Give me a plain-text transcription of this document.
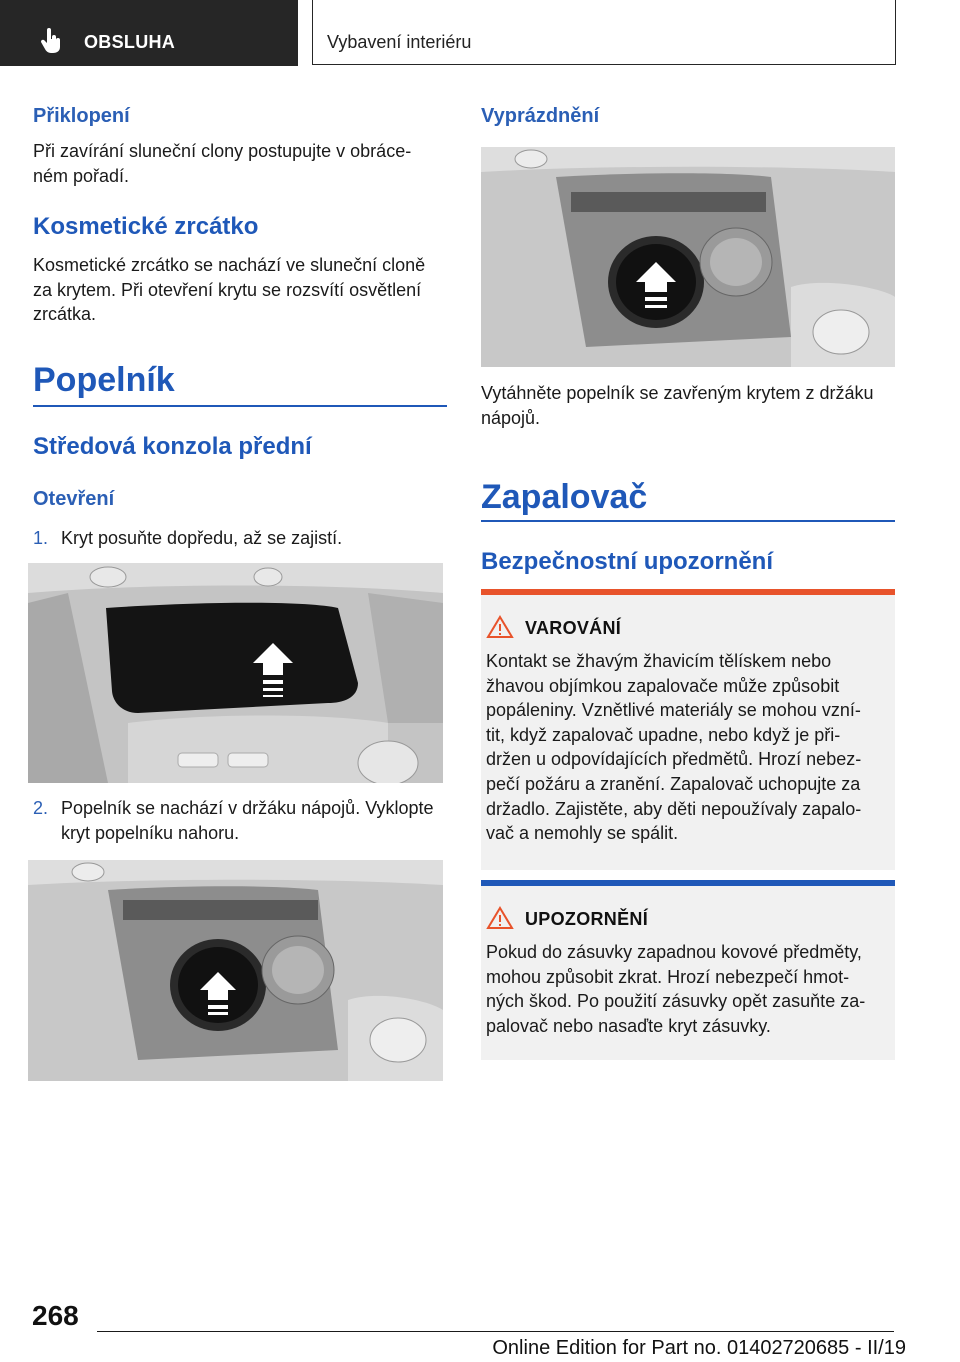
OBSLUHA	Vybavení interiéru
Přiklopení
Při zavírání sluneční clony postupujte v obráce‐
ném pořadí.
Kosmetické zrcátko
Kosmetické zrcátko se nachází ve sluneční cloně
za krytem. Při otevření krytu se rozsvítí osvětlení
zrcátka.
Popelník
Středová konzola přední
Otevření
1. Kryt posuňte dopředu, až se zajistí.
2. Popelník se nachází v držáku nápojů. Vyklopte
kryt popelníku nahoru.
Vyprázdnění
Vytáhněte popelník se zavřeným krytem z držáku
nápojů.
Zapalovač
Bezpečnostní upozornění
VAROVÁNÍ
Kontakt se žhavým žhavicím tělískem nebo
žhavou objímkou zapalovače může způsobit
popáleniny. Vznětlivé materiály se mohou vzní‐
tit, když zapalovač upadne, nebo když je při‐
držen u odpovídajících předmětů. Hrozí nebez‐
pečí požáru a zranění. Zapalovač uchopujte za
držadlo. Zajistěte, aby děti nepoužívaly zapalo‐
vač a nemohly se spálit.
UPOZORNĚNÍ
Pokud do zásuvky zapadnou kovové předměty,
mohou způsobit zkrat. Hrozí nebezpečí hmot‐
ných škod. Po použití zásuvky opět zasuňte za‐
palovač nebo nasaďte kryt zásuvky.
268
Online Edition for Part no. 01402720685 - II/19
